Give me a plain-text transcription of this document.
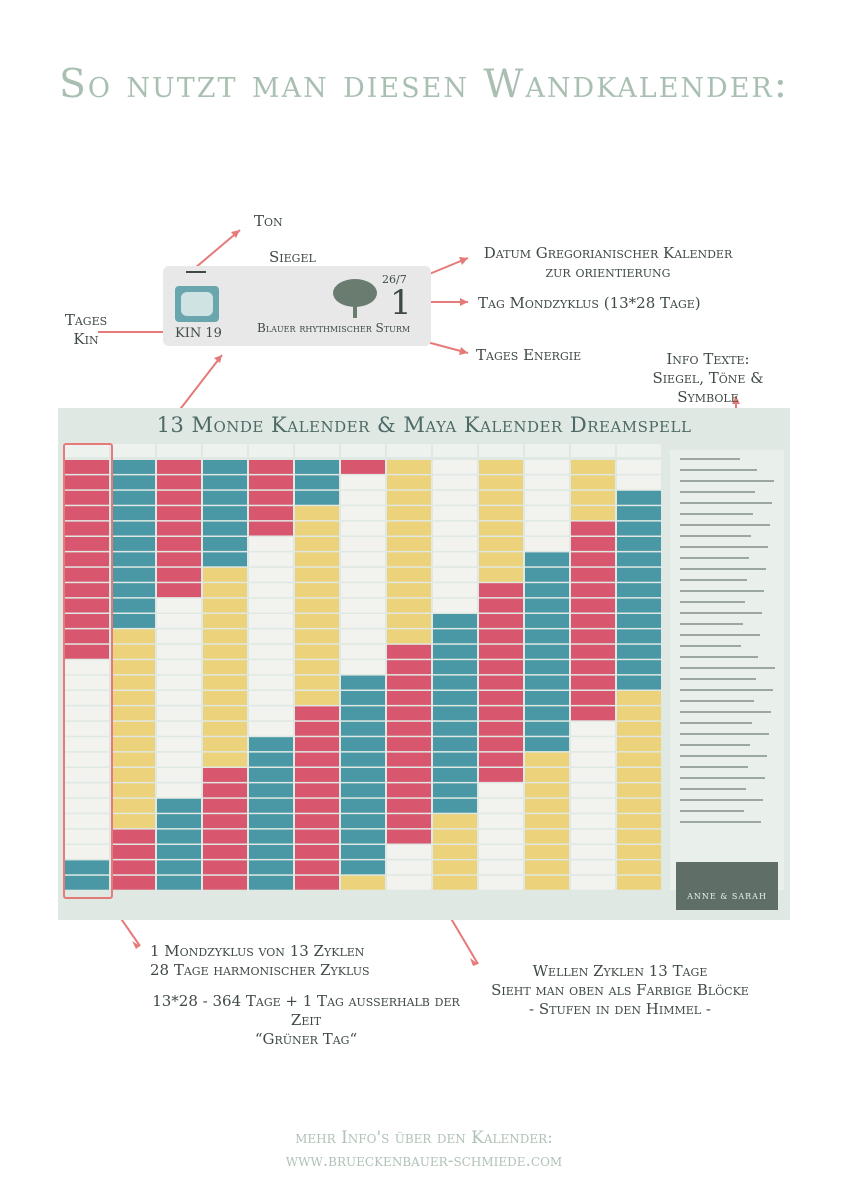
So nutzt man diesen Wandkalender:
Ton
Siegel
Tages
Kin
Datum Gregorianischer Kalender
zur orientierung
Tag Mondzyklus (13*28 Tage)
Tages Energie	Info Texte:
Siegel, Töne & Symbole
KIN 19
26/7
1
Blauer rhythmischer Sturm
13 Monde Kalender & Maya Kalender Dreamspell
ANNE & SARAH
1 Mondzyklus von 13 Zyklen
28 Tage harmonischer Zyklus
13*28 - 364 Tage + 1 Tag ausserhalb der Zeit
“Grüner Tag“
Wellen Zyklen 13 Tage
Sieht man oben als Farbige Blöcke
- Stufen in den Himmel -
mehr Info's über den Kalender:
www.brueckenbauer-schmiede.com
